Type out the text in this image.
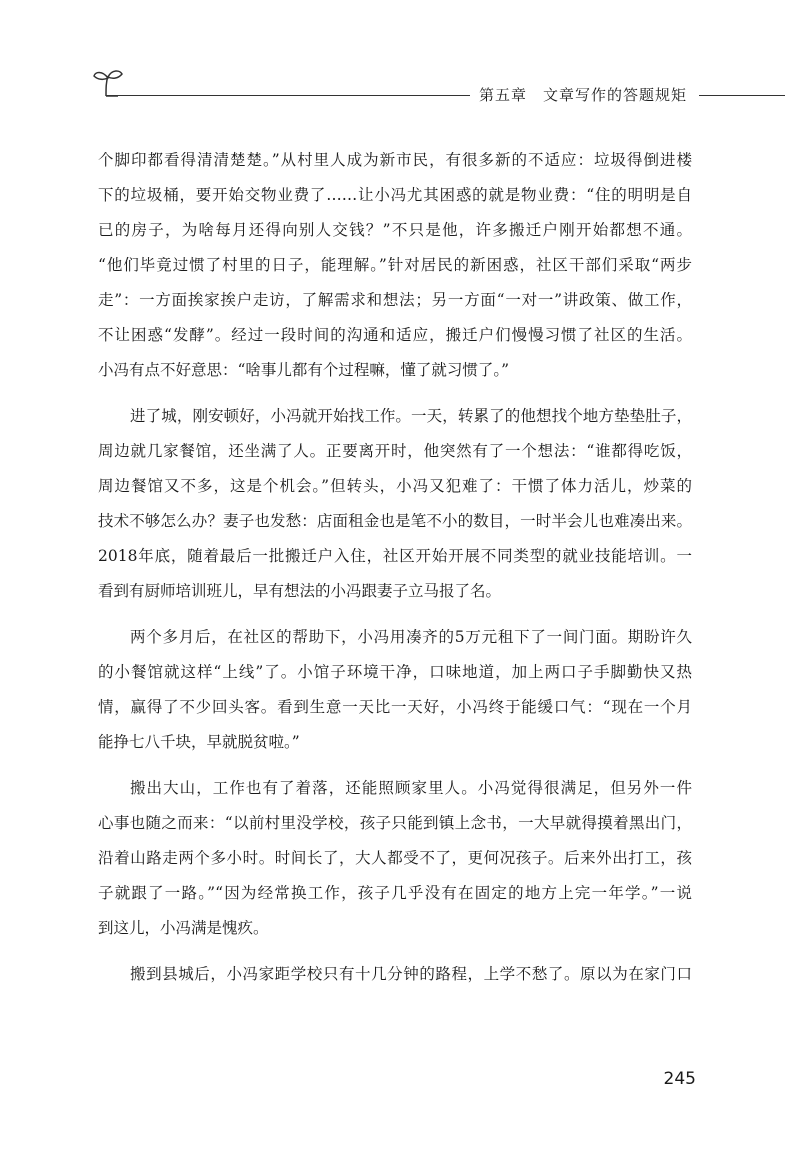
第五章　文章写作的答题规矩
个脚印都看得清清楚楚。”从村里人成为新市民，有很多新的不适应：垃圾得倒进楼
下的垃圾桶，要开始交物业费了……让小冯尤其困惑的就是物业费：“住的明明是自
已的房子，为啥每月还得向别人交钱？”不只是他，许多搬迁户刚开始都想不通。
“他们毕竟过惯了村里的日子，能理解。”针对居民的新困惑，社区干部们采取“两步
走”：一方面挨家挨户走访，了解需求和想法；另一方面“一对一”讲政策、做工作，
不让困惑“发酵”。经过一段时间的沟通和适应，搬迁户们慢慢习惯了社区的生活。
小冯有点不好意思：“啥事儿都有个过程嘛，懂了就习惯了。”
进了城，刚安顿好，小冯就开始找工作。一天，转累了的他想找个地方垫垫肚子，
周边就几家餐馆，还坐满了人。正要离开时，他突然有了一个想法：“谁都得吃饭，
周边餐馆又不多，这是个机会。”但转头，小冯又犯难了：干惯了体力活儿，炒菜的
技术不够怎么办？妻子也发愁：店面租金也是笔不小的数目，一时半会儿也难凑出来。
2018年底，随着最后一批搬迁户入住，社区开始开展不同类型的就业技能培训。一
看到有厨师培训班儿，早有想法的小冯跟妻子立马报了名。
两个多月后，在社区的帮助下，小冯用凑齐的5万元租下了一间门面。期盼许久
的小餐馆就这样“上线”了。小馆子环境干净，口味地道，加上两口子手脚勤快又热
情，赢得了不少回头客。看到生意一天比一天好，小冯终于能缓口气：“现在一个月
能挣七八千块，早就脱贫啦。”
搬出大山，工作也有了着落，还能照顾家里人。小冯觉得很满足，但另外一件
心事也随之而来：“以前村里没学校，孩子只能到镇上念书，一大早就得摸着黑出门，
沿着山路走两个多小时。时间长了，大人都受不了，更何况孩子。后来外出打工，孩
子就跟了一路。”“因为经常换工作，孩子几乎没有在固定的地方上完一年学。”一说
到这儿，小冯满是愧疚。
搬到县城后，小冯家距学校只有十几分钟的路程，上学不愁了。原以为在家门口
245
